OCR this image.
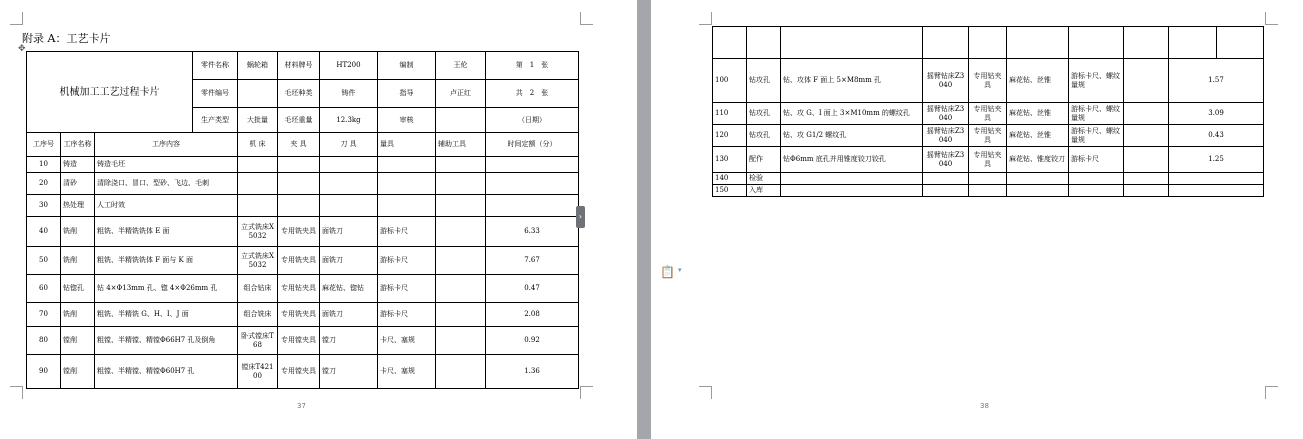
附录 A：工艺卡片
✥
机械加工工艺过程卡片			零件名称	蜗轮箱	材料牌号	HT200	编制	王伦	第　1　张
			零件编号		毛坯种类	铸件	指导	卢正红	共　2　张
			生产类型	大批量	毛坯重量	12.3kg	审核		（日期）
工序号	工序名称	工序内容		机 床	夹 具	刀 具	量具	辅助工具	时间定额（分）
10	铸造	铸造毛坯							
20	清砂	清除浇口、冒口、型砂、飞边、毛刺							
30	热处理	人工时效							
40	铣削	粗铣、半精铣铣体 E 面		立式铣床X5032	专用铣夹具	面铣刀	游标卡尺		6.33
50	铣削	粗铣、半精铣铣体 F 面与 K 面		立式铣床X5032	专用铣夹具	面铣刀	游标卡尺		7.67
60	钻锪孔	钻 4×Φ13mm 孔、锪 4×Φ26mm 孔		组合钻床	专用钻夹具	麻花钻、锪钻	游标卡尺		0.47
70	铣削	粗铣、半精铣 G、H、I、J 面		组合铣床	专用铣夹具	面铣刀	游标卡尺		2.08
80	镗削	粗镗、半精镗、精镗Φ66H7 孔及倒角		卧式镗床T68	专用镗夹具	镗刀	卡尺、塞规		0.92
90	镗削	粗镗、半精镗、精镗Φ60H7 孔		镗床T42100	专用镗夹具	镗刀	卡尺、塞规		1.36
37
›

100	钻攻孔	钻、攻体 F 面上 5×M8mm 孔	摇臂钻床Z3040	专用钻夹具	麻花钻、丝锥	游标卡尺、螺纹量规		1.57	
110	钻攻孔	钻、攻 G、I 面上 3×M10mm 的螺纹孔	摇臂钻床Z3040	专用钻夹具	麻花钻、丝锥	游标卡尺、螺纹量规		3.09	
120	钻攻孔	钻、攻 G1/2 螺纹孔	摇臂钻床Z3040	专用钻夹具	麻花钻、丝锥	游标卡尺、螺纹量规		0.43	
130	配作	钻Φ6mm 底孔并用锥度铰刀铰孔	摇臂钻床Z3040	专用钻夹具	麻花钻、锥度铰刀	游标卡尺		1.25	
140	检验								
150	入库								
38
📋 ▾
